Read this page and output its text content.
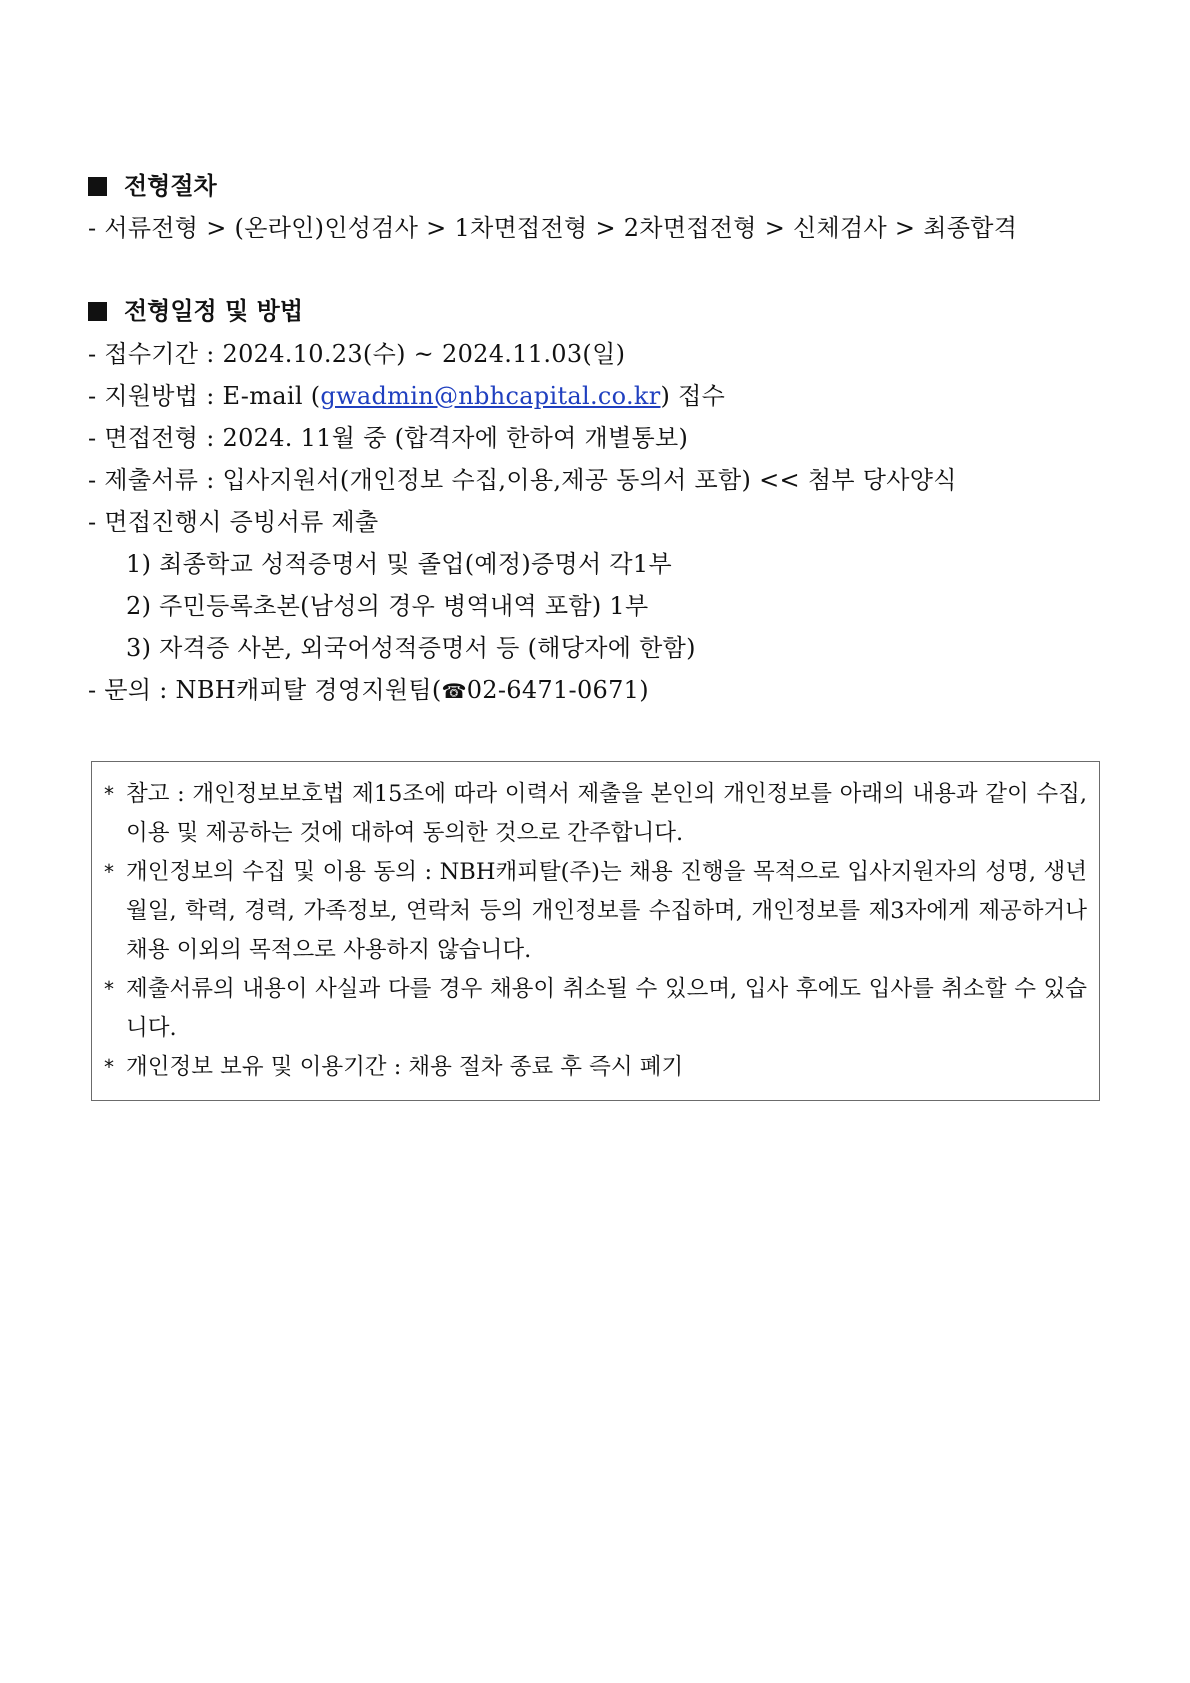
전형절차
- 서류전형 > (온라인)인성검사 > 1차면접전형 > 2차면접전형 > 신체검사 > 최종합격
전형일정 및 방법
- 접수기간 : 2024.10.23(수) ~ 2024.11.03(일)
- 지원방법 : E-mail (gwadmin@nbhcapital.co.kr) 접수
- 면접전형 : 2024. 11월 중 (합격자에 한하여 개별통보)
- 제출서류 : 입사지원서(개인정보 수집,이용,제공 동의서 포함) << 첨부 당사양식
- 면접진행시 증빙서류 제출
1) 최종학교 성적증명서 및 졸업(예정)증명서 각1부
2) 주민등록초본(남성의 경우 병역내역 포함) 1부
3) 자격증 사본, 외국어성적증명서 등 (해당자에 한함)
- 문의 : NBH캐피탈 경영지원팀(☎02-6471-0671)
* 참고 : 개인정보보호법 제15조에 따라 이력서 제출을 본인의 개인정보를 아래의 내용과 같이 수집, 이용 및 제공하는 것에 대하여 동의한 것으로 간주합니다.
* 개인정보의 수집 및 이용 동의 : NBH캐피탈(주)는 채용 진행을 목적으로 입사지원자의 성명, 생년월일, 학력, 경력, 가족정보, 연락처 등의 개인정보를 수집하며, 개인정보를 제3자에게 제공하거나 채용 이외의 목적으로 사용하지 않습니다.
* 제출서류의 내용이 사실과 다를 경우 채용이 취소될 수 있으며, 입사 후에도 입사를 취소할 수 있습니다.
* 개인정보 보유 및 이용기간 : 채용 절차 종료 후 즉시 폐기
